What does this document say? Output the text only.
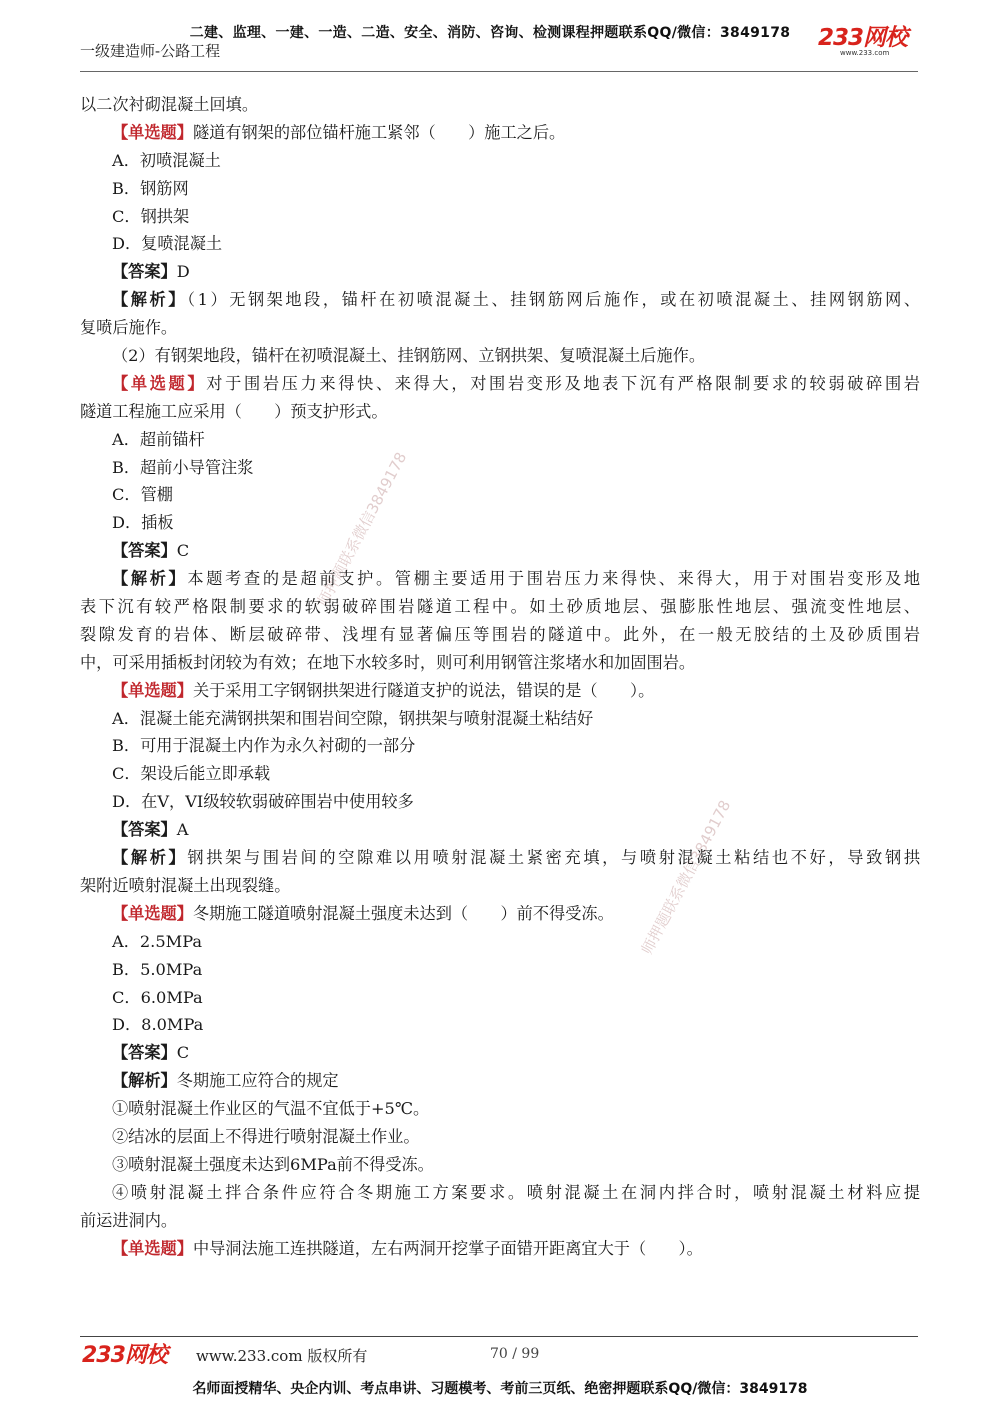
二建、监理、一建、一造、二造、安全、消防、咨询、检测课程押题联系QQ/微信：3849178
一级建造师-公路工程	233网校
www.233.com
师押题联系微信3849178
师押题联系微信3849178
以二次衬砌混凝土回填。
【单选题】隧道有钢架的部位锚杆施工紧邻（　　）施工之后。
A．初喷混凝土
B．钢筋网
C．钢拱架
D．复喷混凝土
【答案】D
【解析】（1）无钢架地段，锚杆在初喷混凝土、挂钢筋网后施作，或在初喷混凝土、挂网钢筋网、
复喷后施作。
（2）有钢架地段，锚杆在初喷混凝土、挂钢筋网、立钢拱架、复喷混凝土后施作。
【单选题】对于围岩压力来得快、来得大，对围岩变形及地表下沉有严格限制要求的较弱破碎围岩
隧道工程施工应采用（　　）预支护形式。
A．超前锚杆
B．超前小导管注浆
C．管棚
D．插板
【答案】C
【解析】本题考查的是超前支护。管棚主要适用于围岩压力来得快、来得大，用于对围岩变形及地
表下沉有较严格限制要求的软弱破碎围岩隧道工程中。如土砂质地层、强膨胀性地层、强流变性地层、
裂隙发育的岩体、断层破碎带、浅埋有显著偏压等围岩的隧道中。此外，在一般无胶结的土及砂质围岩
中，可采用插板封闭较为有效；在地下水较多时，则可利用钢管注浆堵水和加固围岩。
【单选题】关于采用工字钢钢拱架进行隧道支护的说法，错误的是（　　）。
A．混凝土能充满钢拱架和围岩间空隙，钢拱架与喷射混凝土粘结好
B．可用于混凝土内作为永久衬砌的一部分
C．架设后能立即承载
D．在V，VI级较软弱破碎围岩中使用较多
【答案】A
【解析】钢拱架与围岩间的空隙难以用喷射混凝土紧密充填，与喷射混凝土粘结也不好，导致钢拱
架附近喷射混凝土出现裂缝。
【单选题】冬期施工隧道喷射混凝土强度未达到（　　）前不得受冻。
A．2.5MPa
B．5.0MPa
C．6.0MPa
D．8.0MPa
【答案】C
【解析】冬期施工应符合的规定
①喷射混凝土作业区的气温不宜低于+5℃。
②结冰的层面上不得进行喷射混凝土作业。
③喷射混凝土强度未达到6MPa前不得受冻。
④喷射混凝土拌合条件应符合冬期施工方案要求。喷射混凝土在洞内拌合时，喷射混凝土材料应提
前运进洞内。
【单选题】中导洞法施工连拱隧道，左右两洞开挖掌子面错开距离宜大于（　　）。
233网校 www.233.com 版权所有	70 / 99
名师面授精华、央企内训、考点串讲、习题模考、考前三页纸、绝密押题联系QQ/微信：3849178
